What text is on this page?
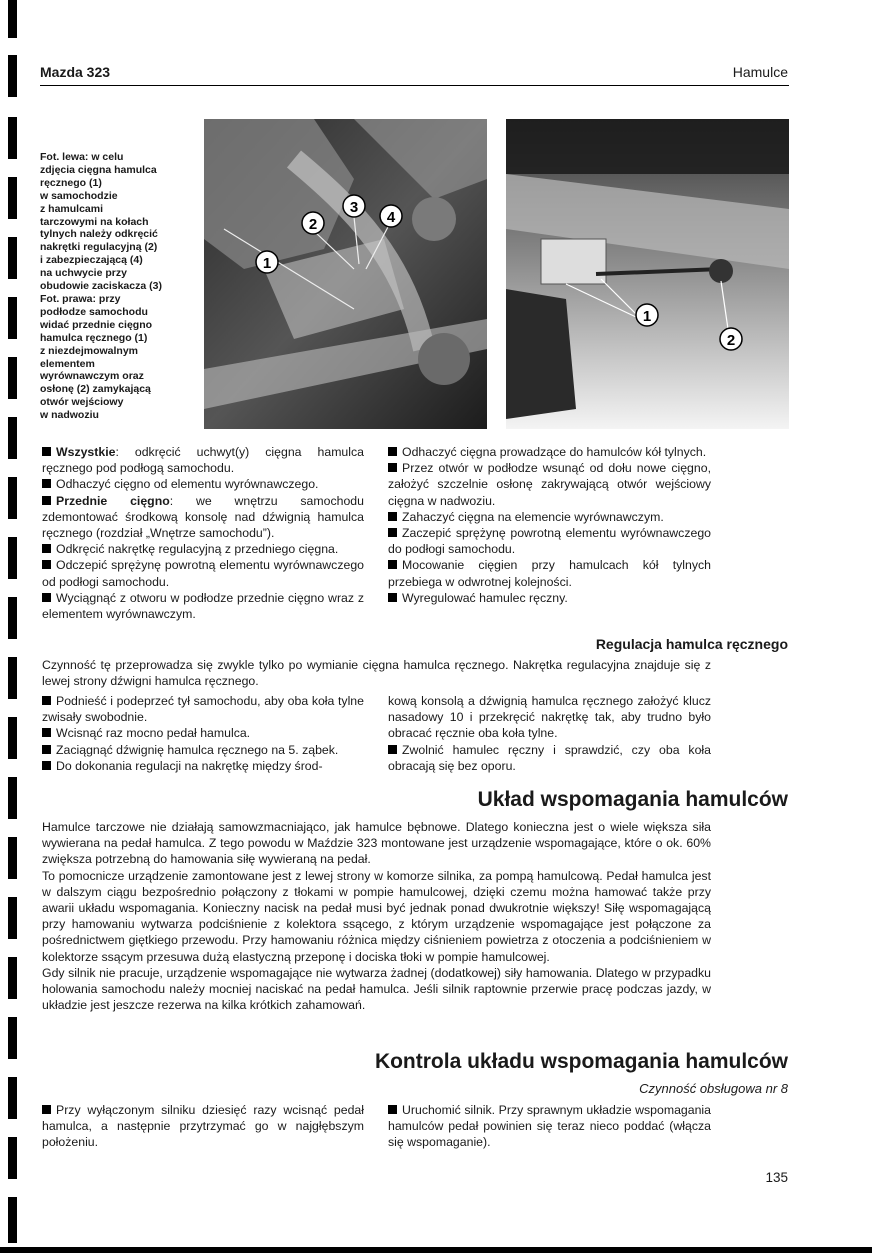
Mazda 323	Hamulce
Fot. lewa: w celu
zdjęcia cięgna hamulca
ręcznego (1)
w samochodzie
z hamulcami
tarczowymi na kołach
tylnych należy odkręcić
nakrętki regulacyjną (2)
i zabezpieczającą (4)
na uchwycie przy
obudowie zaciskacza (3)
Fot. prawa: przy
podłodze samochodu
widać przednie cięgno
hamulca ręcznego (1)
z niezdejmowalnym
elementem
wyrównawczym oraz
osłonę (2) zamykającą
otwór wejściowy
w nadwoziu
1
2
3
4
1
2

Wszystkie: odkręcić uchwyt(y) cięgna hamulca ręcznego pod podłogą samochodu.

Odhaczyć cięgno od elementu wyrównawczego.

Przednie cięgno: we wnętrzu samochodu zdemontować środkową konsolę nad dźwignią hamulca ręcznego (rozdział „Wnętrze samochodu”).

Odkręcić nakrętkę regulacyjną z przedniego cięgna.

Odczepić sprężynę powrotną elementu wyrównawczego od podłogi samochodu.

Wyciągnąć z otworu w podłodze przednie cięgno wraz z elementem wyrównawczym.

Odhaczyć cięgna prowadzące do hamulców kół tylnych.

Przez otwór w podłodze wsunąć od dołu nowe cięgno, założyć szczelnie osłonę zakrywającą otwór wejściowy cięgna w nadwoziu.

Zahaczyć cięgna na elemencie wyrównawczym.

Zaczepić sprężynę powrotną elementu wyrównawczego do podłogi samochodu.

Mocowanie cięgien przy hamulcach kół tylnych przebiega w odwrotnej kolejności.

Wyregulować hamulec ręczny.

Regulacja hamulca ręcznego

Czynność tę przeprowadza się zwykle tylko po wymianie cięgna hamulca ręcznego. Nakrętka regulacyjna znajduje się z lewej strony dźwigni hamulca ręcznego.

Podnieść i podeprzeć tył samochodu, aby oba koła tylne zwisały swobodnie.

Wcisnąć raz mocno pedał hamulca.

Zaciągnąć dźwignię hamulca ręcznego na 5. ząbek.

Do dokonania regulacji na nakrętkę między środ-

kową konsolą a dźwignią hamulca ręcznego założyć klucz nasadowy 10 i przekręcić nakrętkę tak, aby trudno było obracać ręcznie oba koła tylne.

Zwolnić hamulec ręczny i sprawdzić, czy oba koła obracają się bez oporu.

Układ wspomagania hamulców

Hamulce tarczowe nie działają samowzmacniająco, jak hamulce bębnowe. Dlatego konieczna jest o wiele większa siła wywierana na pedał hamulca. Z tego powodu w Maździe 323 montowane jest urządzenie wspomagające, które o ok. 60% zwiększa potrzebną do hamowania siłę wywieraną na pedał.

To pomocnicze urządzenie zamontowane jest z lewej strony w komorze silnika, za pompą hamulcową. Pedał hamulca jest w dalszym ciągu bezpośrednio połączony z tłokami w pompie hamulcowej, dzięki czemu można hamować także przy awarii układu wspomagania. Konieczny nacisk na pedał musi być jednak ponad dwukrotnie większy! Siłę wspomagającą przy hamowaniu wytwarza podciśnienie z kolektora ssącego, z którym urządzenie wspomagające jest połączone za pośrednictwem giętkiego przewodu. Przy hamowaniu różnica między ciśnieniem powietrza z otoczenia a podciśnieniem w kolektorze ssącym przesuwa dużą elastyczną przeponę i dociska tłoki w pompie hamulcowej.

Gdy silnik nie pracuje, urządzenie wspomagające nie wytwarza żadnej (dodatkowej) siły hamowania. Dlatego w przypadku holowania samochodu należy mocniej naciskać na pedał hamulca. Jeśli silnik raptownie przerwie pracę podczas jazdy, w układzie jest jeszcze rezerwa na kilka krótkich zahamowań.

Kontrola układu wspomagania hamulców
Czynność obsługowa nr 8

Przy wyłączonym silniku dziesięć razy wcisnąć pedał hamulca, a następnie przytrzymać go w najgłębszym położeniu.

Uruchomić silnik. Przy sprawnym układzie wspomagania hamulców pedał powinien się teraz nieco poddać (włącza się wspomaganie).

135
